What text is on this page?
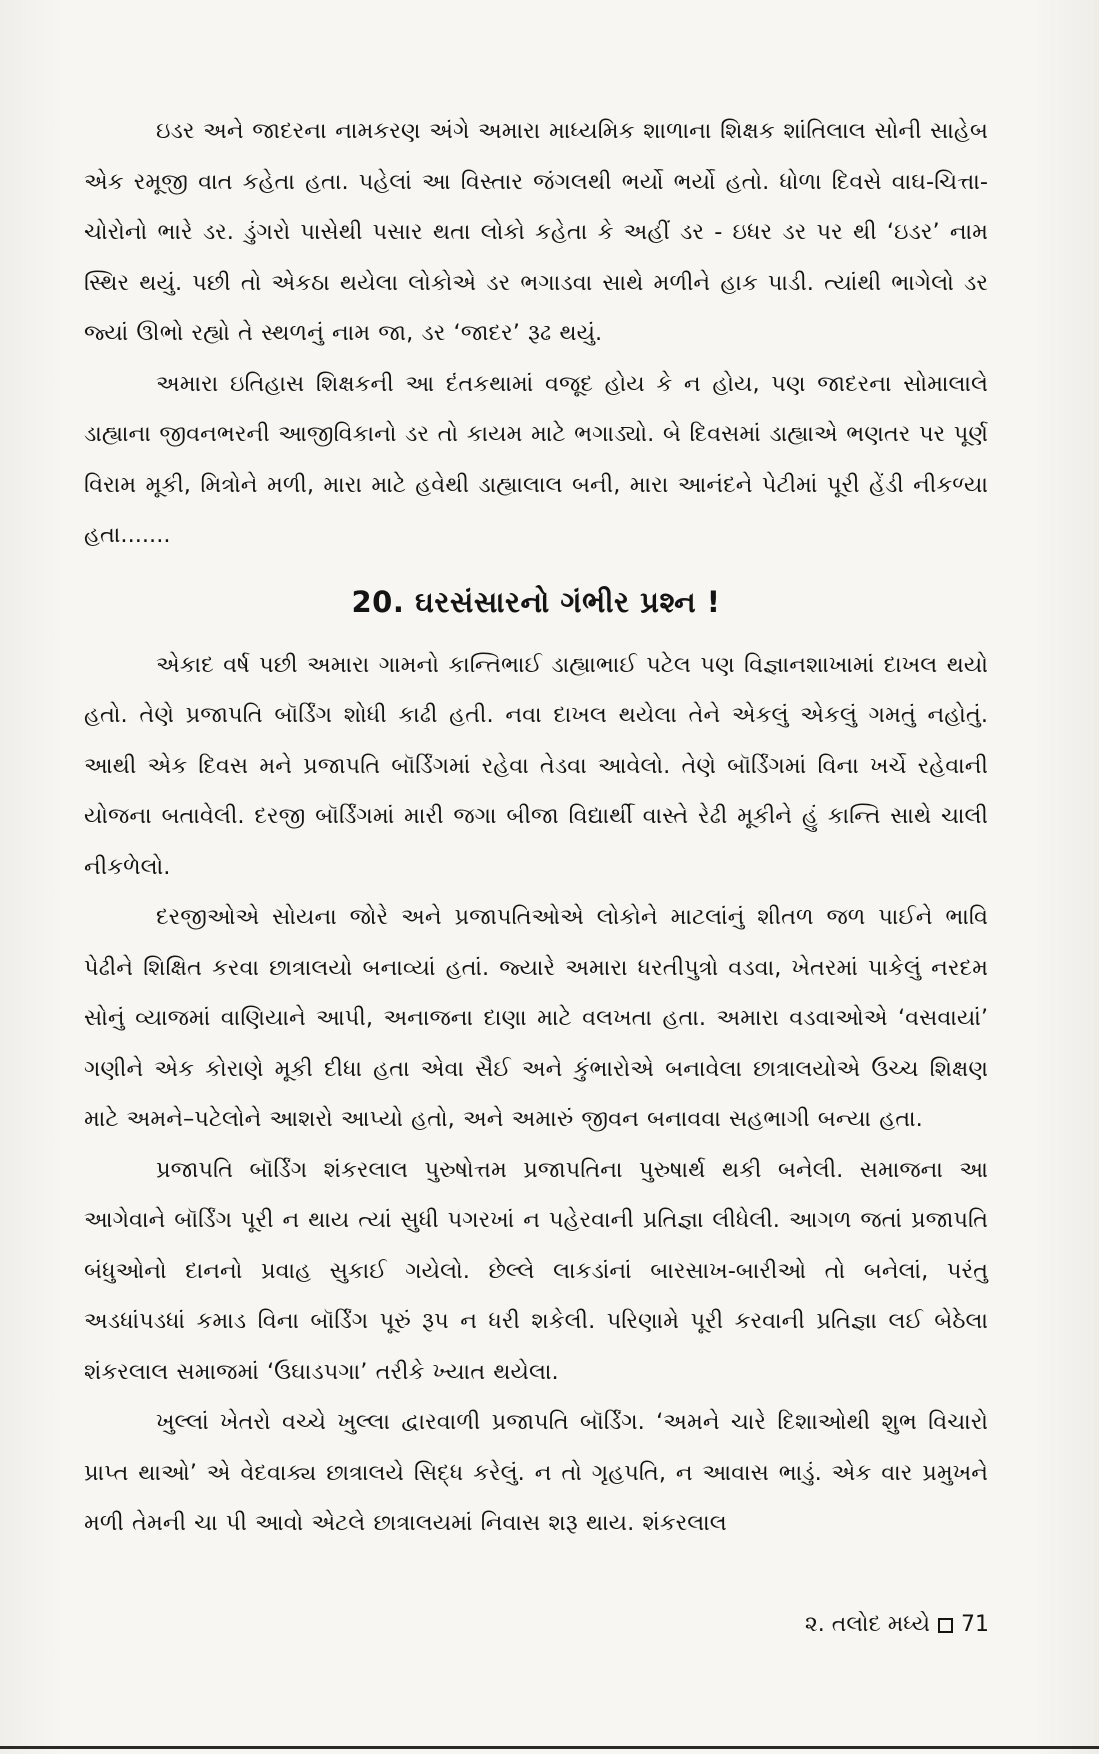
ઇડર અને જાદરના નામકરણ અંગે અમારા માધ્યમિક શાળાના શિક્ષક શાંતિલાલ સોની સાહેબ એક રમૂજી વાત કહેતા હતા. પહેલાં આ વિસ્તાર જંગલથી ભર્યો ભર્યો હતો. ધોળા દિવસે વાઘ-ચિત્તા-ચોરોનો ભારે ડર. ડુંગરો પાસેથી પસાર થતા લોકો કહેતા કે અહીં ડર - ઇધર ડર પર થી ‘ઇડર’ નામ સ્થિર થયું. પછી તો એકઠા થયેલા લોકોએ ડર ભગાડવા સાથે મળીને હાક પાડી. ત્યાંથી ભાગેલો ડર જ્યાં ઊભો રહ્યો તે સ્થળનું નામ જા, ડર ‘જાદર’ રૂઢ થયું.

અમારા ઇતિહાસ શિક્ષકની આ દંતકથામાં વજૂદ હોય કે ન હોય, પણ જાદરના સોમાલાલે ડાહ્યાના જીવનભરની આજીવિકાનો ડર તો કાયમ માટે ભગાડ્યો. બે દિવસમાં ડાહ્યાએ ભણતર પર પૂર્ણ વિરામ મૂકી, મિત્રોને મળી, મારા માટે હવેથી ડાહ્યાલાલ બની, મારા આનંદને પેટીમાં પૂરી હેંડી નીકળ્યા હતા.......

20. ઘરસંસારનો ગંભીર પ્રશ્ન !

એકાદ વર્ષ પછી અમારા ગામનો કાન્તિભાઈ ડાહ્યાભાઈ પટેલ પણ વિજ્ઞાનશાખામાં દાખલ થયો હતો. તેણે પ્રજાપતિ બૉર્ડિંગ શોધી કાઢી હતી. નવા દાખલ થયેલા તેને એકલું એકલું ગમતું નહોતું. આથી એક દિવસ મને પ્રજાપતિ બૉર્ડિંગમાં રહેવા તેડવા આવેલો. તેણે બૉર્ડિંગમાં વિના ખર્ચે રહેવાની યોજના બતાવેલી. દરજી બૉર્ડિંગમાં મારી જગા બીજા વિદ્યાર્થી વાસ્તે રેઢી મૂકીને હું કાન્તિ સાથે ચાલી નીકળેલો.

દરજીઓએ સોયના જોરે અને પ્રજાપતિઓએ લોકોને માટલાંનું શીતળ જળ પાઈને ભાવિ પેઢીને શિક્ષિત કરવા છાત્રાલયો બનાવ્યાં હતાં. જ્યારે અમારા ધરતીપુત્રો વડવા, ખેતરમાં પાકેલું નરદમ સોનું વ્યાજમાં વાણિયાને આપી, અનાજના દાણા માટે વલખતા હતા. અમારા વડવાઓએ ‘વસવાયાં’ ગણીને એક કોરાણે મૂકી દીધા હતા એવા સૈઈ અને કુંભારોએ બનાવેલા છાત્રાલયોએ ઉચ્ચ શિક્ષણ માટે અમને–પટેલોને આશરો આપ્યો હતો, અને અમારું જીવન બનાવવા સહભાગી બન્યા હતા.

પ્રજાપતિ બૉર્ડિંગ શંકરલાલ પુરુષોત્તમ પ્રજાપતિના પુરુષાર્થ થકી બનેલી. સમાજના આ આગેવાને બૉર્ડિંગ પૂરી ન થાય ત્યાં સુધી પગરખાં ન પહેરવાની પ્રતિજ્ઞા લીધેલી. આગળ જતાં પ્રજાપતિ બંધુઓનો દાનનો પ્રવાહ સુકાઈ ગયેલો. છેલ્લે લાકડાંનાં બારસાખ-બારીઓ તો બનેલાં, પરંતુ અડધાંપડધાં કમાડ વિના બૉર્ડિંગ પૂરું રૂપ ન ધરી શકેલી. પરિણામે પૂરી કરવાની પ્રતિજ્ઞા લઈ બેઠેલા શંકરલાલ સમાજમાં ‘ઉઘાડપગા’ તરીકે ખ્યાત થયેલા.

ખુલ્લાં ખેતરો વચ્ચે ખુલ્લા દ્વારવાળી પ્રજાપતિ બૉર્ડિંગ. ‘અમને ચારે દિશાઓથી શુભ વિચારો પ્રાપ્ત થાઓ’ એ વેદવાક્ય છાત્રાલયે સિદ્ધ કરેલું. ન તો ગૃહપતિ, ન આવાસ ભાડું. એક વાર પ્રમુખને મળી તેમની ચા પી આવો એટલે છાત્રાલયમાં નિવાસ શરૂ થાય. શંકરલાલ

૨. તલોદ મધ્યે 71
